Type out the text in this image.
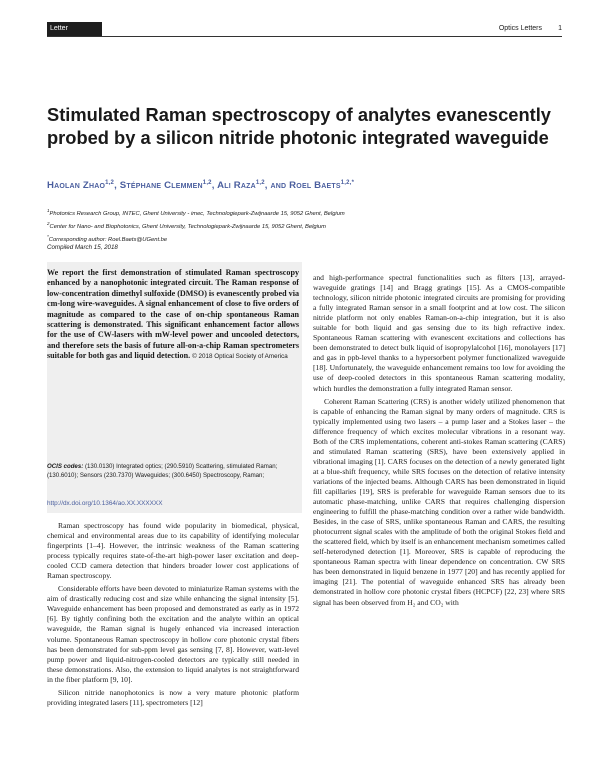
Letter	Optics Letters 1
Stimulated Raman spectroscopy of analytes evanescently probed by a silicon nitride photonic integrated waveguide
Haolan Zhao$^{1,2}$, Stéphane Clemmen$^{1,2}$, Ali Raza$^{1,2}$, and Roel Baets$^{1,2,*}$
$^1$Photonics Research Group, INTEC, Ghent University - imec, Technologiepark-Zwijnaarde 15, 9052 Ghent, Belgium
$^2$Center for Nano- and Biophotonics, Ghent University, Technologiepark-Zwijnaarde 15, 9052 Ghent, Belgium
*Corresponding author: Roel.Baets@UGent.be
Compiled March 15, 2018
We report the first demonstration of stimulated Raman spectroscopy enhanced by a nanophotonic integrated circuit. The Raman response of low-concentration dimethyl sulfoxide (DMSO) is evanescently probed via cm-long wire-waveguides. A signal enhancement of close to five orders of magnitude as compared to the case of on-chip spontaneous Raman scattering is demonstrated. This significant enhancement factor allows for the use of CW-lasers with mW-level power and uncooled detectors, and therefore sets the basis of future all-on-a-chip Raman spectrometers suitable for both gas and liquid detection. © 2018 Optical Society of America
OCIS codes: (130.0130) Integrated optics; (290.5910) Scattering, stimulated Raman; (130.6010); Sensors (230.7370) Waveguides; (300.6450) Spectroscopy, Raman;
http://dx.doi.org/10.1364/ao.XX.XXXXXX

Raman spectroscopy has found wide popularity in biomedical, physical, chemical and environmental areas due to its capability of identifying molecular fingerprints [1–4]. However, the intrinsic weakness of the Raman scattering process typically requires state-of-the-art high-power laser excitation and deep-cooled CCD camera detection that hinders broader lower cost applications of Raman spectroscopy.

Considerable efforts have been devoted to miniaturize Raman systems with the aim of drastically reducing cost and size while enhancing the signal intensity [5]. Waveguide enhancement has been proposed and demonstrated as early as in 1972 [6]. By tightly confining both the excitation and the analyte within an optical waveguide, the Raman signal is hugely enhanced via increased interaction volume. Spontaneous Raman spectroscopy in hollow core photonic crystal fibers has been demonstrated for sub-ppm level gas sensing [7, 8]. However, watt-level pump power and liquid-nitrogen-cooled detectors are typically still needed in these demonstrations. Also, the extension to liquid analytes is not straightforward in the fiber platform [9, 10].

Silicon nitride nanophotonics is now a very mature photonic platform providing integrated lasers [11], spectrometers [12]

and high-performance spectral functionalities such as filters [13], arrayed-waveguide gratings [14] and Bragg gratings [15]. As a CMOS-compatible technology, silicon nitride photonic integrated circuits are promising for providing a fully integrated Raman sensor in a small footprint and at low cost. The silicon nitride platform not only enables Raman-on-a-chip integration, but it is also suitable for both liquid and gas sensing due to its high refractive index. Spontaneous Raman scattering with evanescent excitations and collections has been demonstrated to detect bulk liquid of isopropylalcohol [16], monolayers [17] and gas in ppb-level thanks to a hypersorbent polymer functionalized waveguide [18]. Unfortunately, the waveguide enhancement remains too low for avoiding the use of deep-cooled detectors in this spontaneous Raman scattering modality, which hurdles the demonstration a fully integrated Raman sensor.

Coherent Raman Scattering (CRS) is another widely utilized phenomenon that is capable of enhancing the Raman signal by many orders of magnitude. CRS is typically implemented using two lasers – a pump laser and a Stokes laser – the difference frequency of which excites molecular vibrations in a resonant way. Both of the CRS implementations, coherent anti-stokes Raman scattering (CARS) and stimulated Raman scattering (SRS), have been extensively applied in vibrational imaging [1]. CARS focuses on the detection of a newly generated light at a blue-shift frequency, while SRS focuses on the detection of relative intensity variations of the injected beams. Although CARS has been demonstrated in liquid fill capillaries [19], SRS is preferable for waveguide Raman sensors due to its automatic phase-matching, unlike CARS that requires challenging dispersion engineering to fulfill the phase-matching condition over a rather wide bandwidth. Besides, in the case of SRS, unlike spontaneous Raman and CARS, the resulting photocurrent signal scales with the amplitude of both the original Stokes field and the scattered field, which by itself is an enhancement mechanism sometimes called self-heterodyned detection [1]. Moreover, SRS is capable of reproducing the spontaneous Raman spectra with linear dependence on concentration. CW SRS has been demonstrated in liquid benzene in 1977 [20] and has recently applied for imaging [21]. The potential of waveguide enhanced SRS has already been demonstrated in hollow core photonic crystal fibers (HCPCF) [22, 23] where SRS signal has been observed from H₂ and CO₂ with
